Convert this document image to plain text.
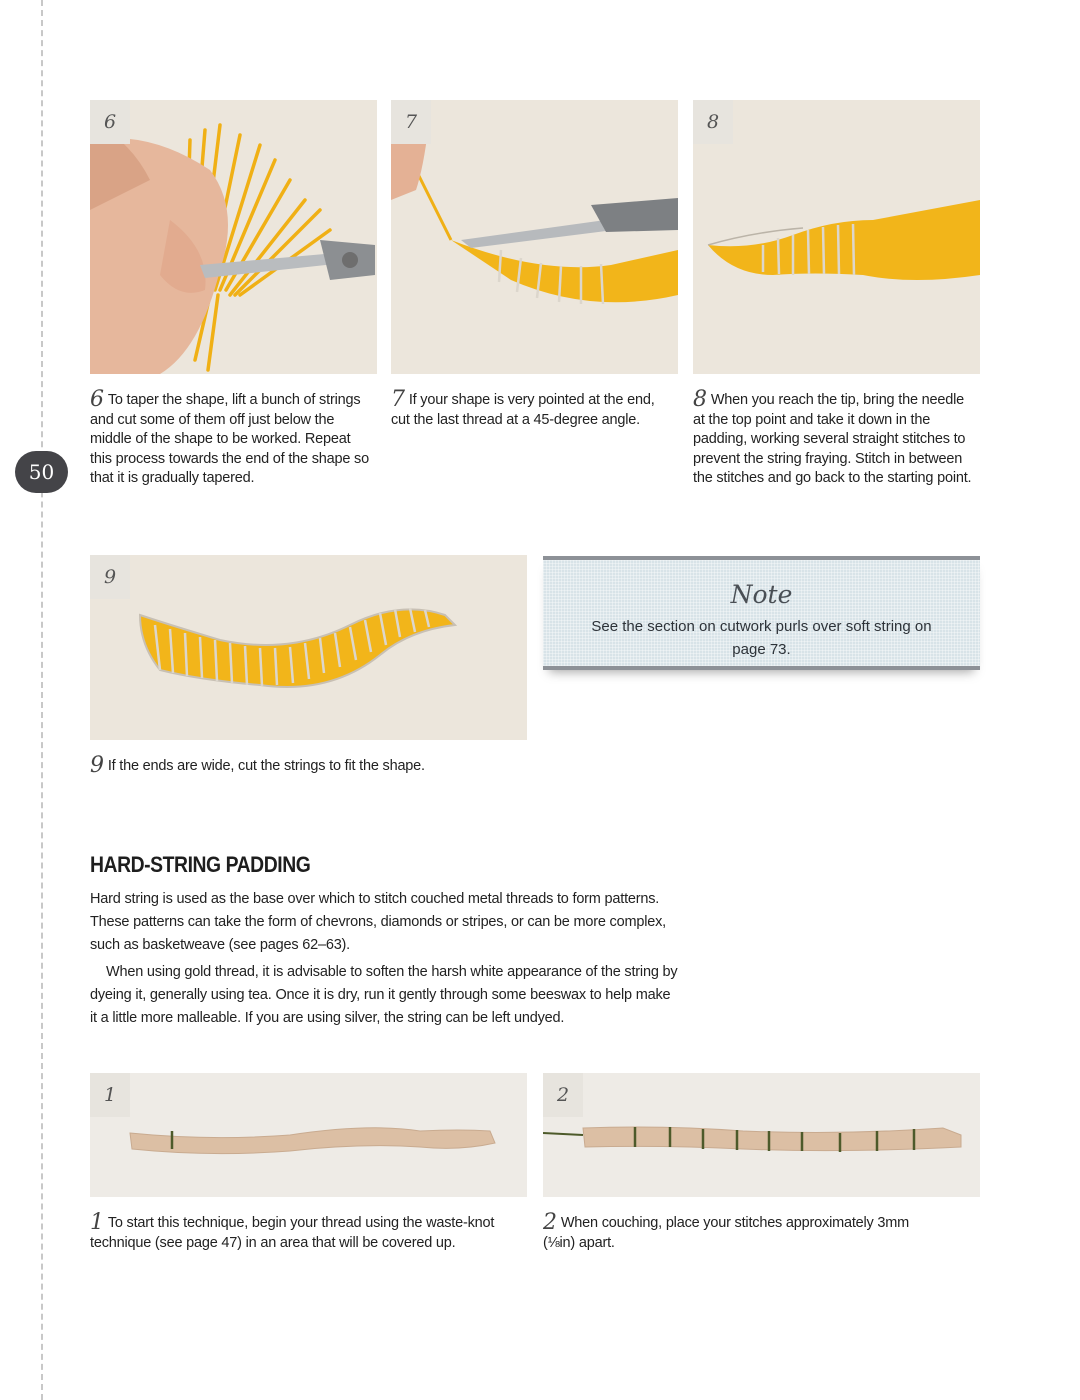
50
6	7	8
6 To taper the shape, lift a bunch of strings and cut some of them off just below the middle of the shape to be worked. Repeat this process towards the end of the shape so that it is gradually tapered.
7 If your shape is very pointed at the end, cut the last thread at a 45-degree angle.
8 When you reach the tip, bring the needle at the top point and take it down in the padding, working several straight stitches to prevent the string fraying. Stitch in between the stitches and go back to the starting point.
9
9 If the ends are wide, cut the strings to fit the shape.
Note
See the section on cutwork purls over soft string on page 73.
HARD-STRING PADDING

Hard string is used as the base over which to stitch couched metal threads to form patterns. These patterns can take the form of chevrons, diamonds or stripes, or can be more complex, such as basketweave (see pages 62–63).

When using gold thread, it is advisable to soften the harsh white appearance of the string by dyeing it, generally using tea. Once it is dry, run it gently through some beeswax to help make it a little more malleable. If you are using silver, the string can be left undyed.

1	2
1 To start this technique, begin your thread using the waste-knot technique (see page 47) in an area that will be covered up.
2 When couching, place your stitches approximately 3mm (⅛in) apart.
